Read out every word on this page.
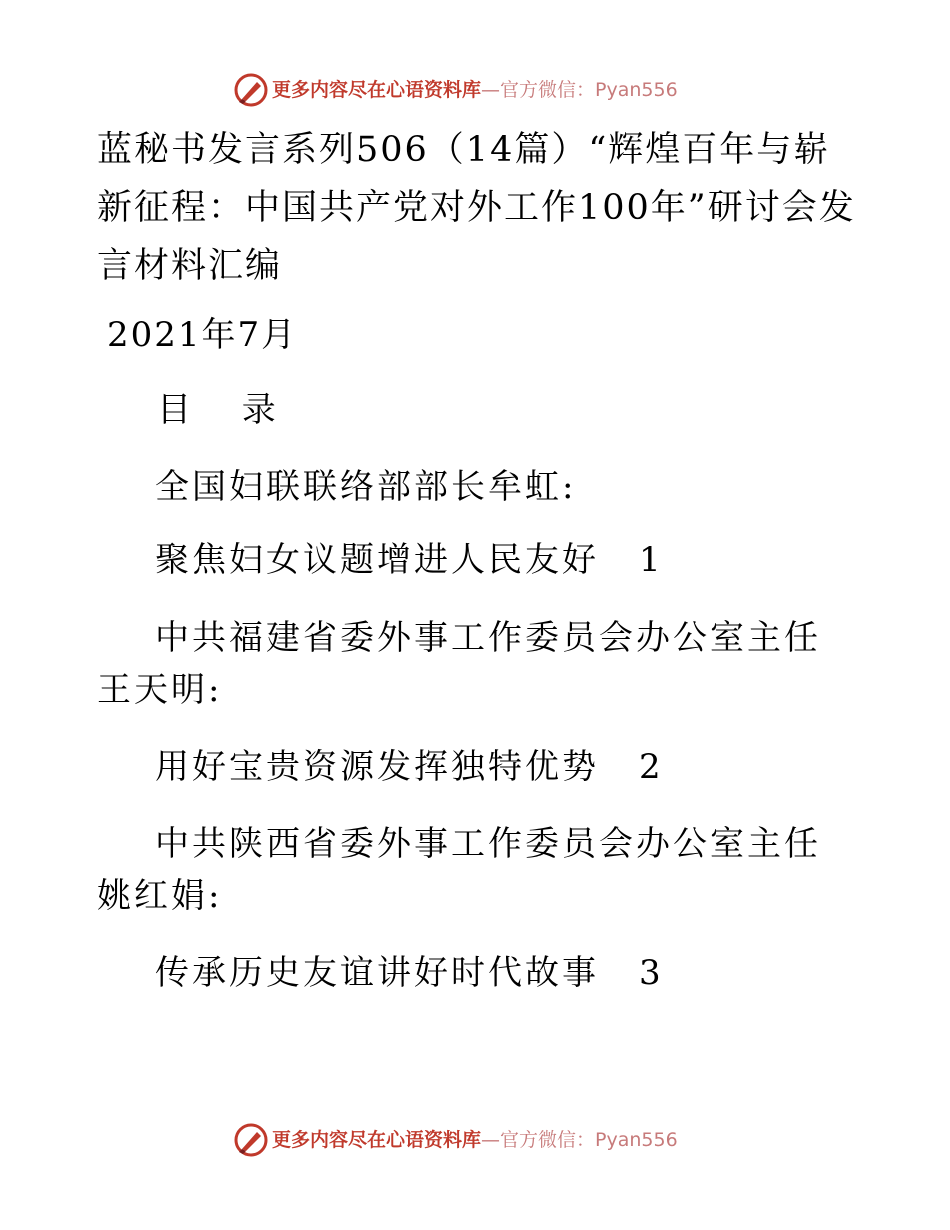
更多内容尽在心语资料库—官方微信：Pyan556
蓝秘书发言系列506（14篇）“辉煌百年与崭新征程：中国共产党对外工作100年”研讨会发言材料汇编
2021年7月
目 录
全国妇联联络部部长牟虹:
聚焦妇女议题增进人民友好 1
中共福建省委外事工作委员会办公室主任王天明:
用好宝贵资源发挥独特优势 2
中共陕西省委外事工作委员会办公室主任姚红娟:
传承历史友谊讲好时代故事 3
更多内容尽在心语资料库—官方微信：Pyan556
